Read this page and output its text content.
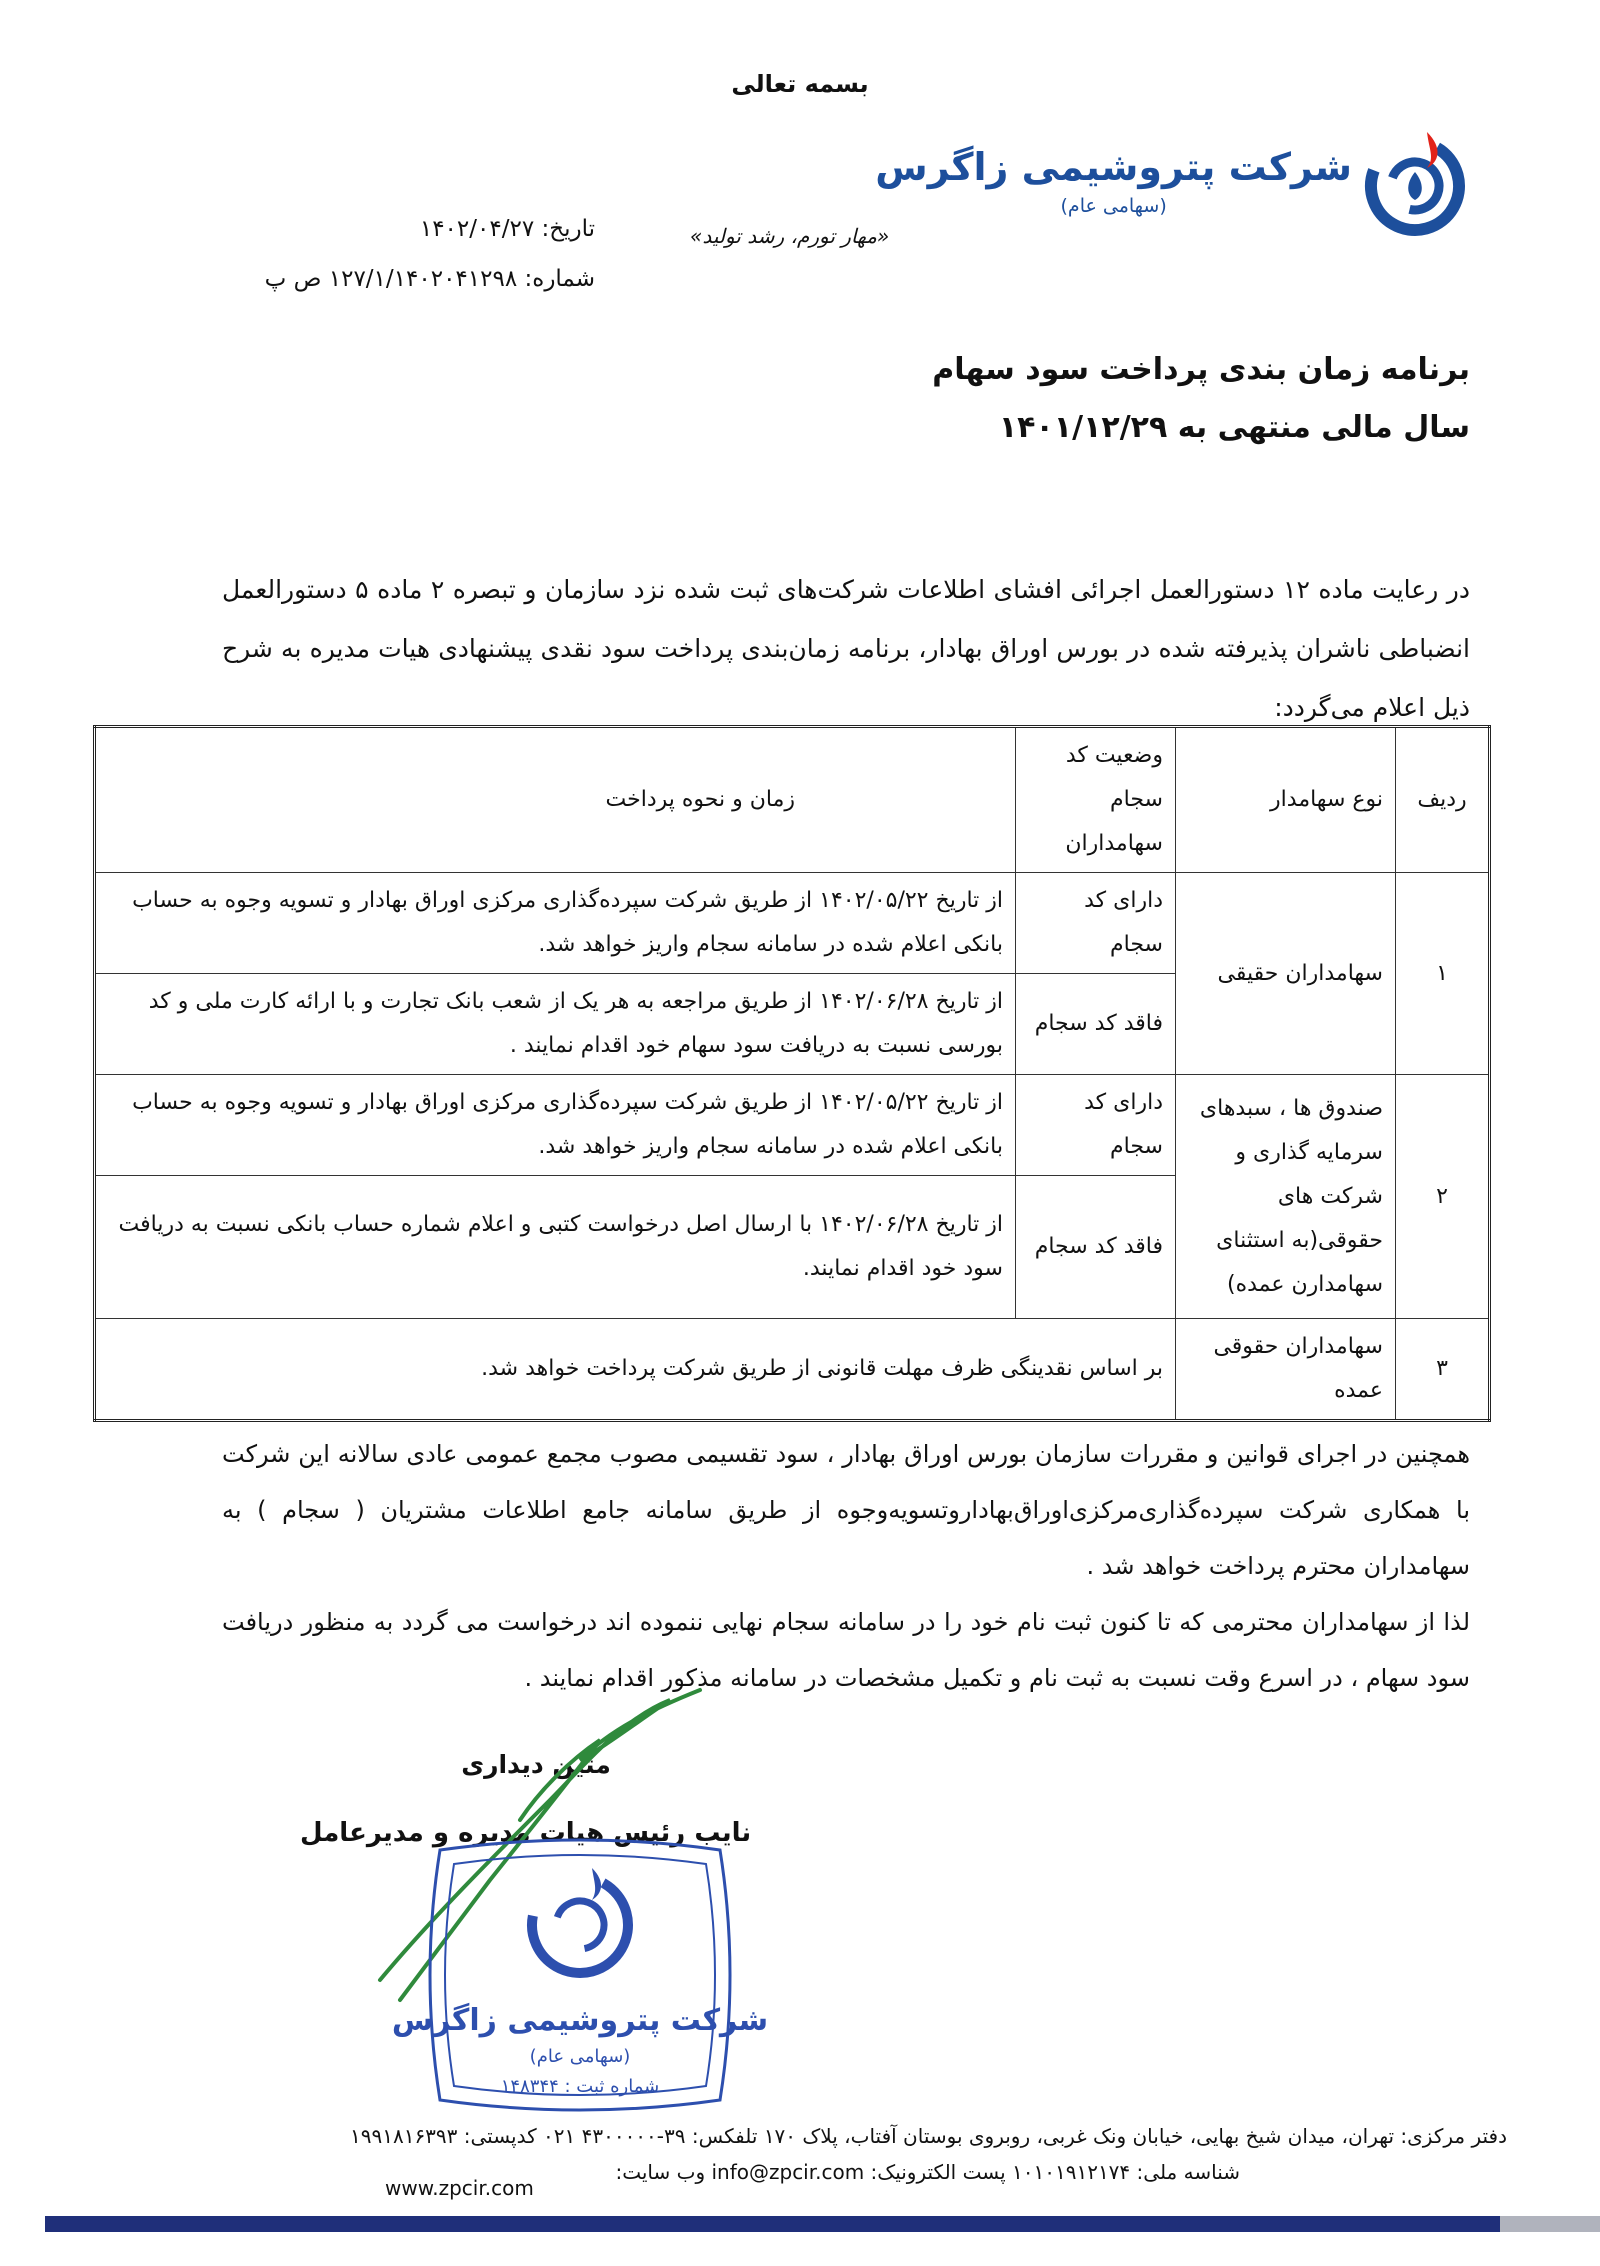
بسمه تعالی
شرکت پتروشیمی زاگرس
(سهامی عام)
«مهار تورم، رشد تولید»
تاریخ: ۱۴۰۲/۰۴/۲۷
شماره: ۱۲۷/۱/۱۴۰۲۰۴۱۲۹۸ ص پ
برنامه زمان بندی پرداخت سود سهام
سال مالی منتهی به ۱۴۰۱/۱۲/۲۹
در رعایت ماده ۱۲ دستورالعمل اجرائی افشای اطلاعات شرکت‌های ثبت شده نزد سازمان و تبصره ۲ ماده ۵ دستورالعمل انضباطی ناشران پذیرفته شده در بورس اوراق بهادار، برنامه زمان‌بندی پرداخت سود نقدی پیشنهادی هیات مدیره به شرح ذیل اعلام می‌گردد:
ردیف	نوع سهامدار	وضعیت کد سجام سهامداران	زمان و نحوه پرداخت
۱	سهامداران حقیقی	دارای کد سجام	از تاریخ ۱۴۰۲/۰۵/۲۲ از طریق شرکت سپرده‌گذاری مرکزی اوراق بهادار و تسویه وجوه به حساب بانکی اعلام شده در سامانه سجام واریز خواهد شد.
		فاقد کد سجام	از تاریخ ۱۴۰۲/۰۶/۲۸ از طریق مراجعه به هر یک از شعب بانک تجارت و با ارائه کارت ملی و کد بورسی نسبت به دریافت سود سهام خود اقدام نمایند .
۲	صندوق ها ، سبدهای سرمایه گذاری و شرکت های حقوقی(به استثنای سهامدارن عمده)	دارای کد سجام	از تاریخ ۱۴۰۲/۰۵/۲۲ از طریق شرکت سپرده‌گذاری مرکزی اوراق بهادار و تسویه وجوه به حساب بانکی اعلام شده در سامانه سجام واریز خواهد شد.
		فاقد کد سجام	از تاریخ ۱۴۰۲/۰۶/۲۸ با ارسال اصل درخواست کتبی و اعلام شماره حساب بانکی نسبت به دریافت سود خود اقدام نمایند.
۳	سهامداران حقوقی عمده	بر اساس نقدینگی ظرف مهلت قانونی از طریق شرکت پرداخت خواهد شد.	
همچنین در اجرای قوانین و مقررات سازمان بورس اوراق بهادار ، سود تقسیمی مصوب مجمع عمومی عادی سالانه این شرکت با همکاری شرکت سپرده‌گذاری‌مرکزی‌اوراق‌بهادارو‌تسویه‌وجوه از طریق سامانه جامع اطلاعات مشتریان ( سجام ) به سهامداران محترم پرداخت خواهد شد .
لذا از سهامداران محترمی که تا کنون ثبت نام خود را در سامانه سجام نهایی ننموده اند درخواست می گردد به منظور دریافت سود سهام ، در اسرع وقت نسبت به ثبت نام و تکمیل مشخصات در سامانه مذکور اقدام نمایند .
متین دیداری
نایب رئیس هیات مدیره و مدیرعامل
شرکت پتروشیمی زاگرس
(سهامی عام)
شماره ثبت : ۱۴۸۳۴۴
دفتر مرکزی: تهران، میدان شیخ بهایی، خیابان ونک غربی، روبروی بوستان آفتاب، پلاک ۱۷۰ تلفکس: ۳۹-۴۳۰۰۰۰۰ ۰۲۱ کدپستی: ۱۹۹۱۸۱۶۳۹۳
شناسه ملی: ۱۰۱۰۱۹۱۲۱۷۴ پست الکترونیک: info@zpcir.com وب سایت:
www.zpcir.com
